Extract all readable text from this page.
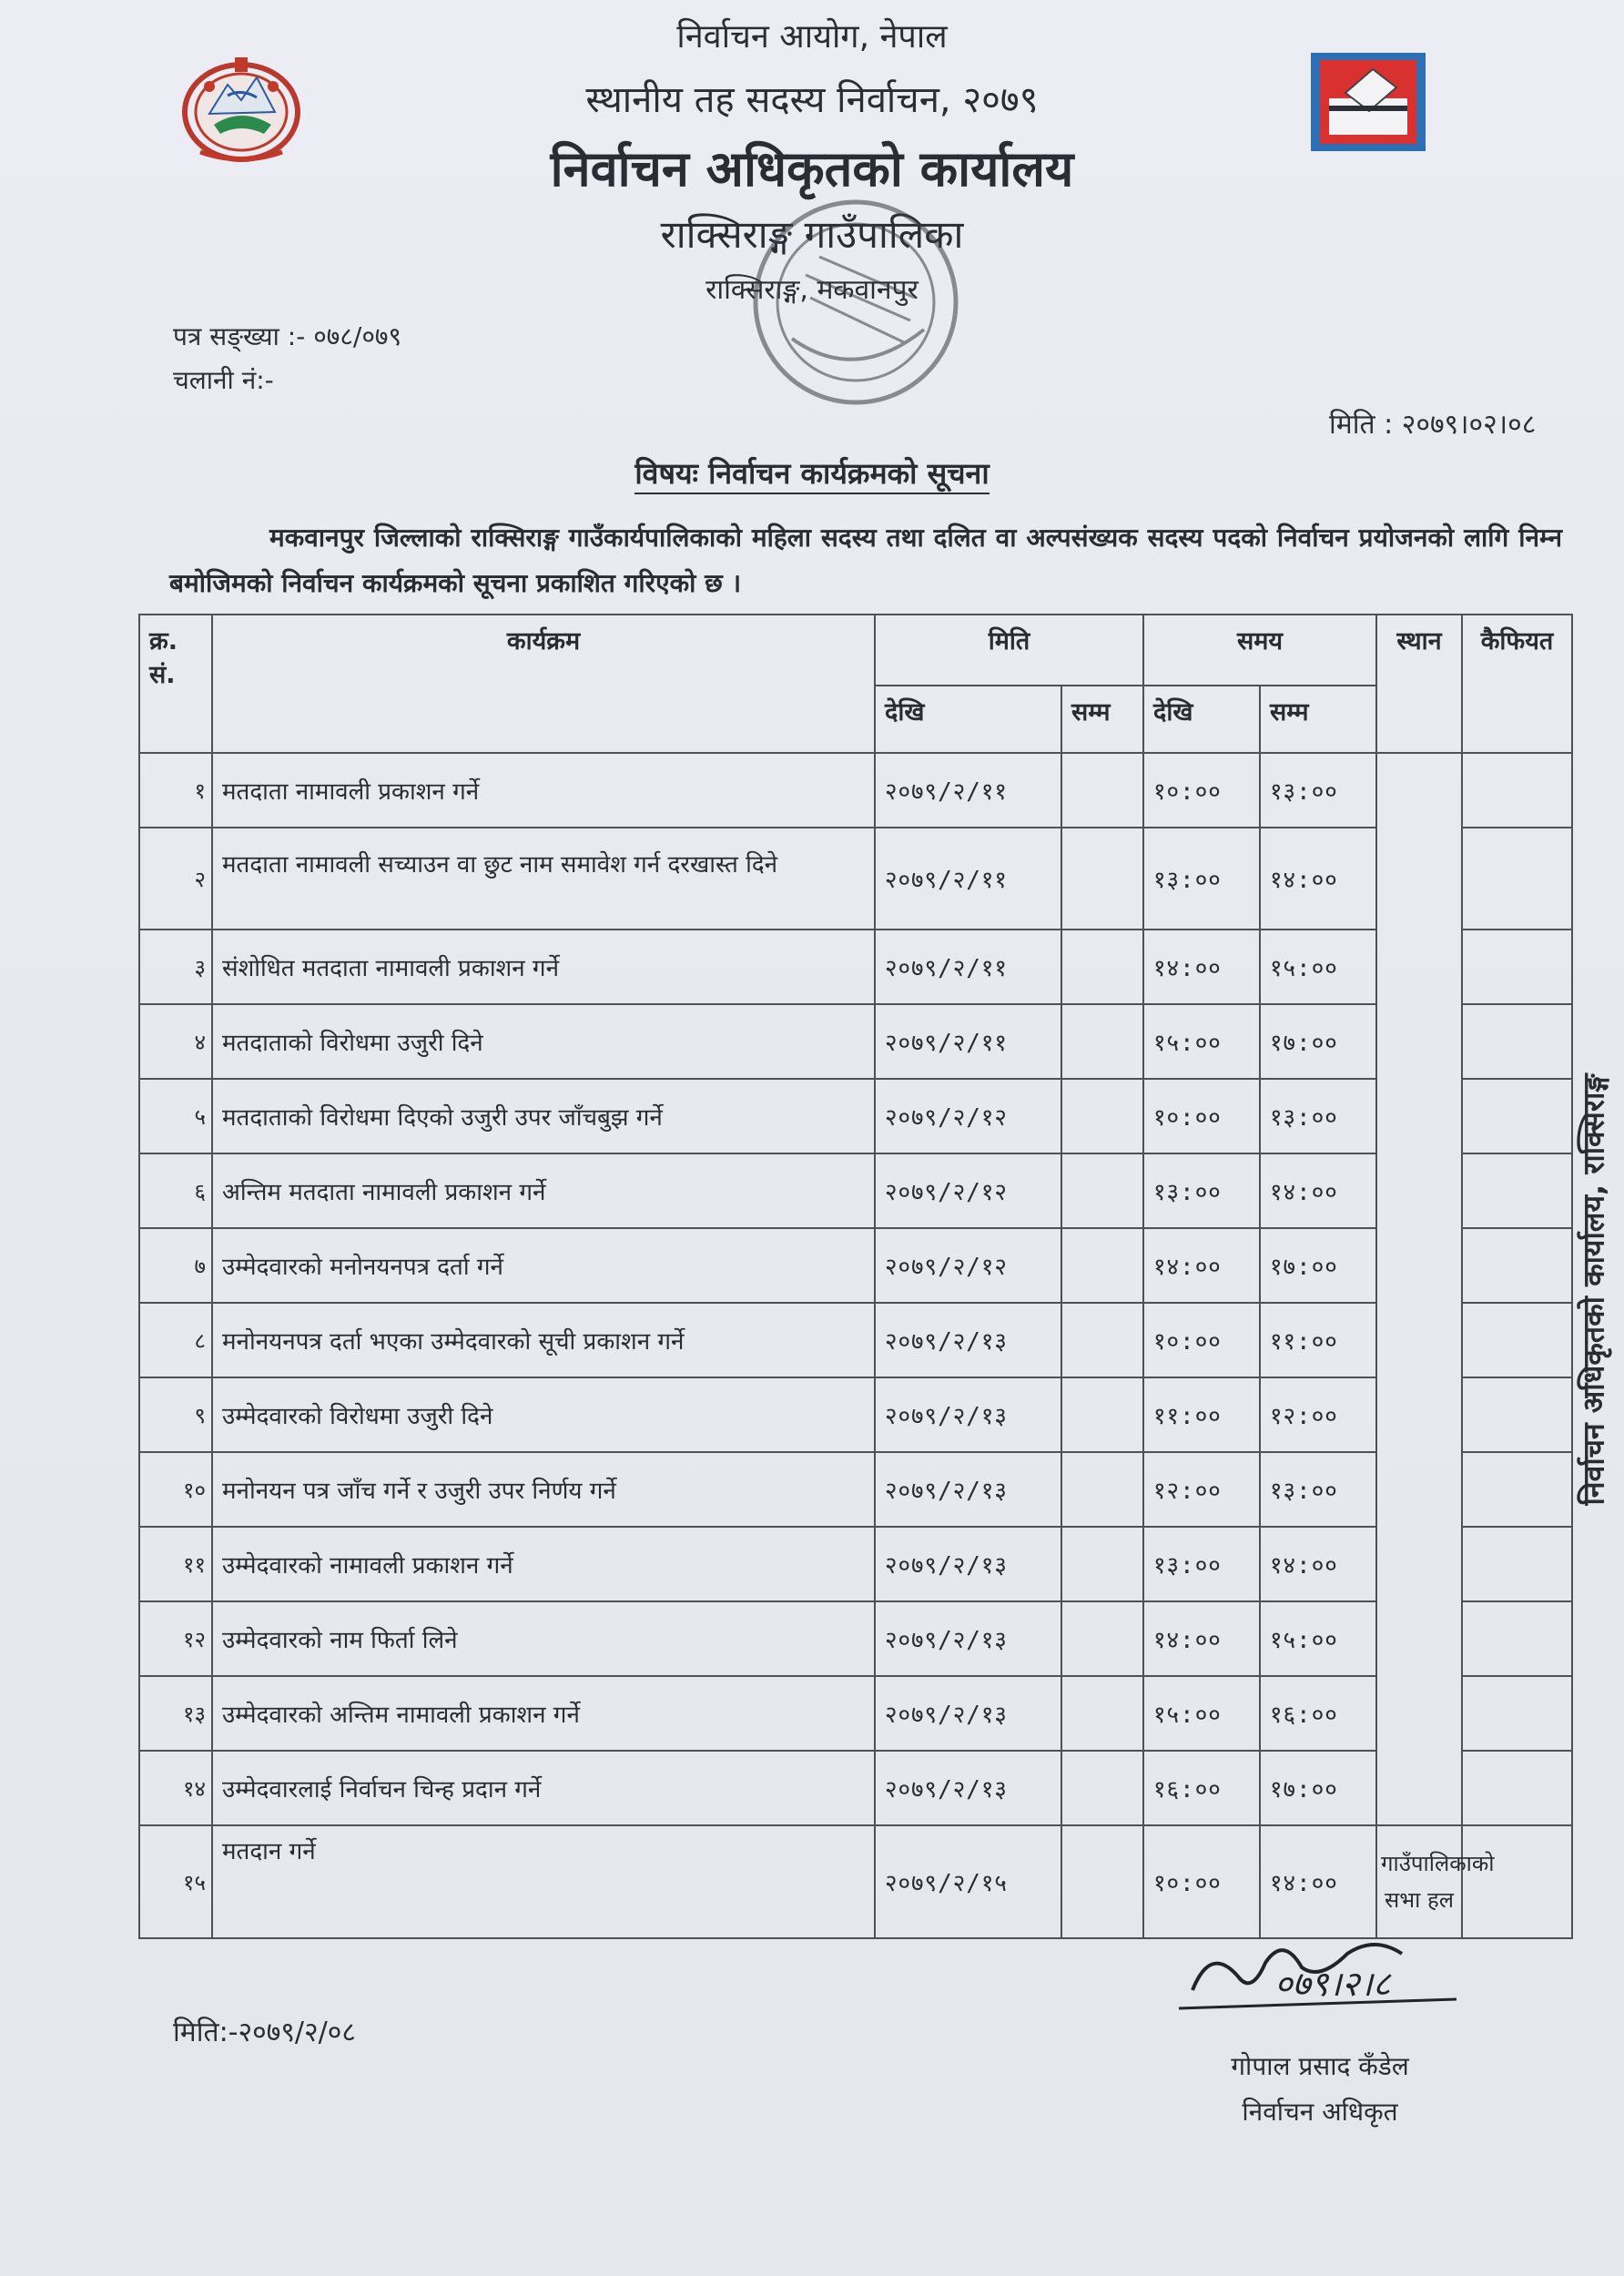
निर्वाचन आयोग, नेपाल
स्थानीय तह सदस्य निर्वाचन, २०७९
निर्वाचन अधिकृतको कार्यालय
राक्सिराङ्ग गाउँपालिका
राक्सिराङ्ग, मकवानपुर
पत्र सङ्ख्या :- ०७८/०७९
चलानी नं:-
मिति : २०७९।०२।०८
विषयः निर्वाचन कार्यक्रमको सूचना
मकवानपुर जिल्लाको राक्सिराङ्ग गाउँकार्यपालिकाको महिला सदस्य तथा दलित वा अल्पसंख्यक सदस्य पदको निर्वाचन प्रयोजनको लागि निम्न बमोजिमको निर्वाचन कार्यक्रमको सूचना प्रकाशित गरिएको छ ।
क्र. सं.	कार्यक्रम	मिति		समय		स्थान	कैफियत
		देखि	सम्म	देखि	सम्म		
१	मतदाता नामावली प्रकाशन गर्ने	२०७९/२/११		१०:००	१३:००	निर्वाचन अधिकृतको कार्यालय, राक्सिराङ्ग	
२	मतदाता नामावली सच्याउन वा छुट नाम समावेश गर्न दरखास्त दिने	२०७९/२/११		१३:००	१४:००		
३	संशोधित मतदाता नामावली प्रकाशन गर्ने	२०७९/२/११		१४:००	१५:००		
४	मतदाताको विरोधमा उजुरी दिने	२०७९/२/११		१५:००	१७:००		
५	मतदाताको विरोधमा दिएको उजुरी उपर जाँचबुझ गर्ने	२०७९/२/१२		१०:००	१३:००		
६	अन्तिम मतदाता नामावली प्रकाशन गर्ने	२०७९/२/१२		१३:००	१४:००		
७	उम्मेदवारको मनोनयनपत्र दर्ता गर्ने	२०७९/२/१२		१४:००	१७:००		
८	मनोनयनपत्र दर्ता भएका उम्मेदवारको सूची प्रकाशन गर्ने	२०७९/२/१३		१०:००	११:००		
९	उम्मेदवारको विरोधमा उजुरी दिने	२०७९/२/१३		११:००	१२:००		
१०	मनोनयन पत्र जाँच गर्ने र उजुरी उपर निर्णय गर्ने	२०७९/२/१३		१२:००	१३:००		
११	उम्मेदवारको नामावली प्रकाशन गर्ने	२०७९/२/१३		१३:००	१४:००		
१२	उम्मेदवारको नाम फिर्ता लिने	२०७९/२/१३		१४:००	१५:००		
१३	उम्मेदवारको अन्तिम नामावली प्रकाशन गर्ने	२०७९/२/१३		१५:००	१६:००		
१४	उम्मेदवारलाई निर्वाचन चिन्ह प्रदान गर्ने	२०७९/२/१३		१६:००	१७:००		
१५	मतदान गर्ने	२०७९/२/१५		१०:००	१४:००	गाउँपालिकाको सभा हल	
मिति:-२०७९/२/०८
०७९।२।८
गोपाल प्रसाद कँडेल
निर्वाचन अधिकृत
